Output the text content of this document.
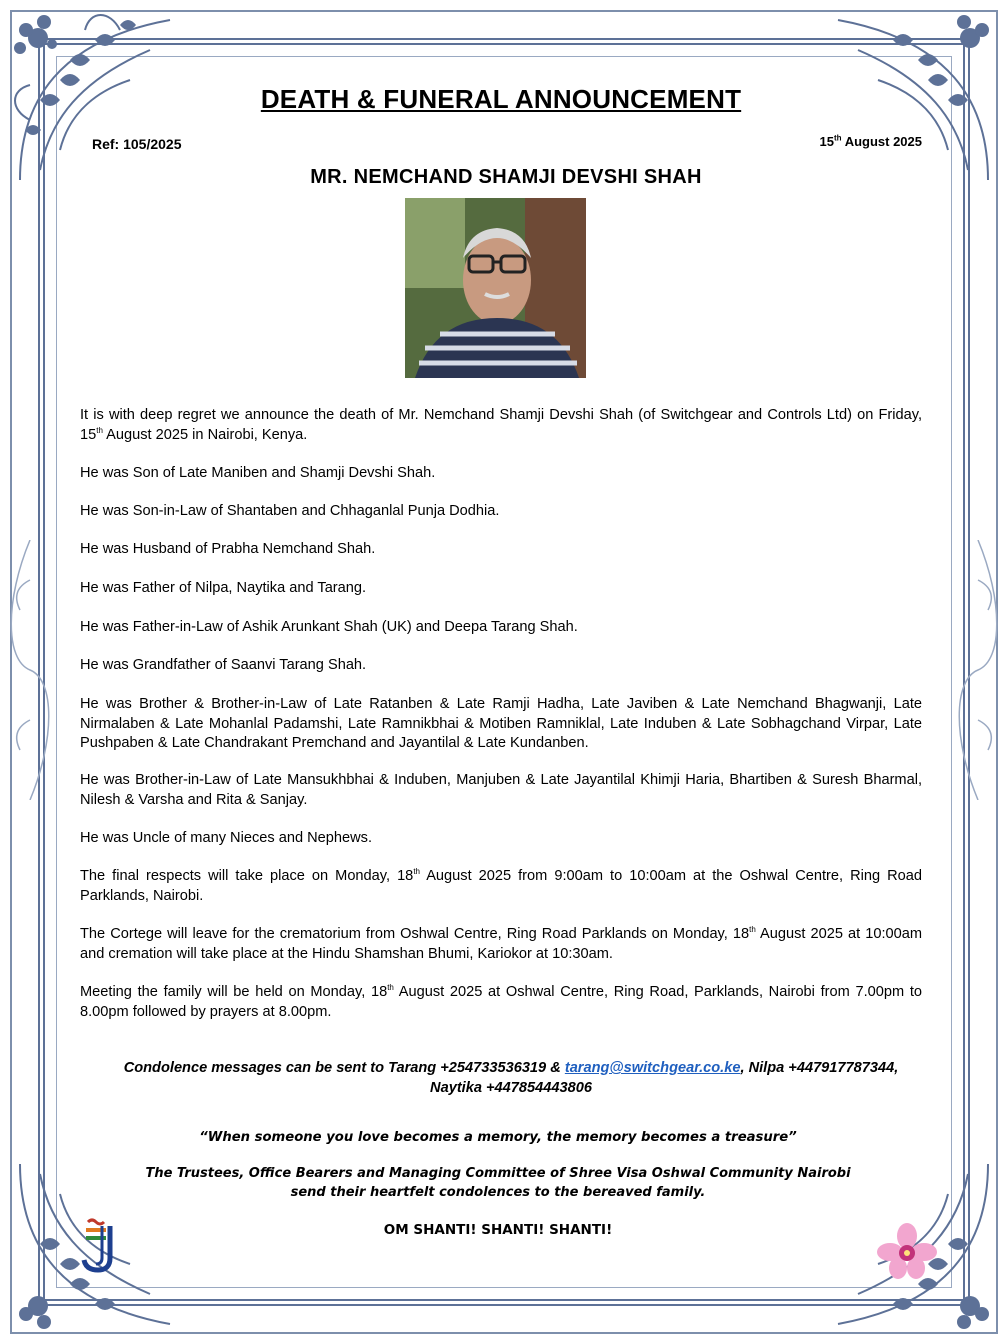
DEATH & FUNERAL ANNOUNCEMENT
Ref: 105/2025	15th August 2025
MR. NEMCHAND SHAMJI DEVSHI SHAH

It is with deep regret we announce the death of Mr. Nemchand Shamji Devshi Shah (of Switchgear and Controls Ltd) on Friday, 15th August 2025 in Nairobi, Kenya.

He was Son of Late Maniben and Shamji Devshi Shah.

He was Son-in-Law of Shantaben and Chhaganlal Punja Dodhia.

He was Husband of Prabha Nemchand Shah.

He was Father of Nilpa, Naytika and Tarang.

He was Father-in-Law of Ashik Arunkant Shah (UK) and Deepa Tarang Shah.

He was Grandfather of Saanvi Tarang Shah.

He was Brother & Brother-in-Law of Late Ratanben & Late Ramji Hadha, Late Javiben & Late Nemchand Bhagwanji, Late Nirmalaben & Late Mohanlal Padamshi, Late Ramnikbhai & Motiben Ramniklal, Late Induben & Late Sobhagchand Virpar, Late Pushpaben & Late Chandrakant Premchand and Jayantilal & Late Kundanben.

He was Brother-in-Law of Late Mansukhbhai & Induben, Manjuben & Late Jayantilal Khimji Haria, Bhartiben & Suresh Bharmal, Nilesh & Varsha and Rita & Sanjay.

He was Uncle of many Nieces and Nephews.

The final respects will take place on Monday, 18th August 2025 from 9:00am to 10:00am at the Oshwal Centre, Ring Road Parklands, Nairobi.

The Cortege will leave for the crematorium from Oshwal Centre, Ring Road Parklands on Monday, 18th August 2025 at 10:00am and cremation will take place at the Hindu Shamshan Bhumi, Kariokor at 10:30am.

Meeting the family will be held on Monday, 18th August 2025 at Oshwal Centre, Ring Road, Parklands, Nairobi from 7.00pm to 8.00pm followed by prayers at 8.00pm.

Condolence messages can be sent to Tarang +254733536319 & tarang@switchgear.co.ke, Nilpa +447917787344, Naytika +447854443806
“When someone you love becomes a memory, the memory becomes a treasure”
The Trustees, Office Bearers and Managing Committee of Shree Visa Oshwal Community Nairobi
send their heartfelt condolences to the bereaved family.
OM SHANTI! SHANTI! SHANTI!
